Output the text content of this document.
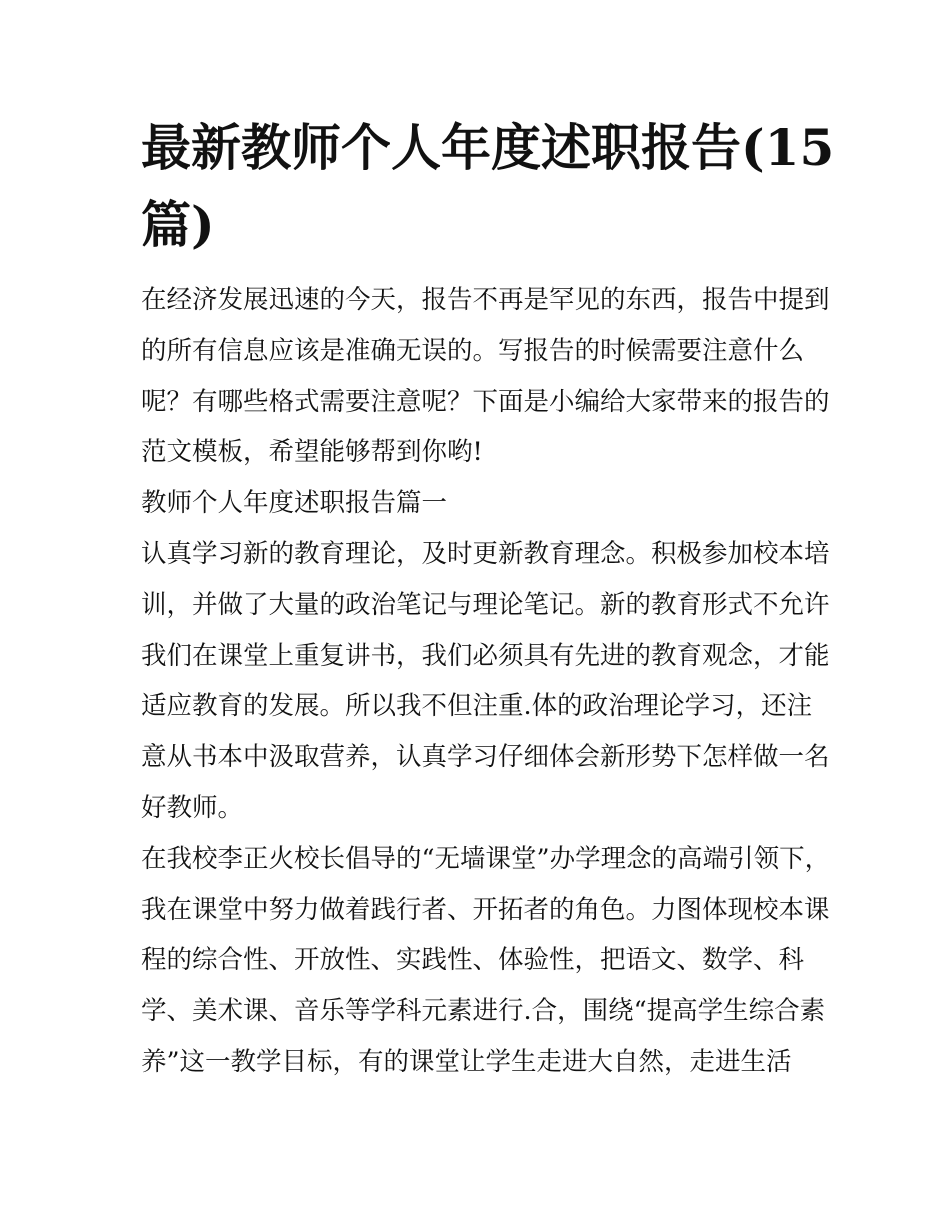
最新教师个人年度述职报告(15
篇)
在经济发展迅速的今天，报告不再是罕见的东西，报告中提到
的所有信息应该是准确无误的。写报告的时候需要注意什么
呢？有哪些格式需要注意呢？下面是小编给大家带来的报告的
范文模板，希望能够帮到你哟!
教师个人年度述职报告篇一
认真学习新的教育理论，及时更新教育理念。积极参加校本培
训，并做了大量的政治笔记与理论笔记。新的教育形式不允许
我们在课堂上重复讲书，我们必须具有先进的教育观念，才能
适应教育的发展。所以我不但注重.体的政治理论学习，还注
意从书本中汲取营养，认真学习仔细体会新形势下怎样做一名
好教师。
在我校李正火校长倡导的“无墙课堂”办学理念的高端引领下，
我在课堂中努力做着践行者、开拓者的角色。力图体现校本课
程的综合性、开放性、实践性、体验性，把语文、数学、科
学、美术课、音乐等学科元素进行.合，围绕“提高学生综合素
养”这一教学目标，有的课堂让学生走进大自然，走进生活
